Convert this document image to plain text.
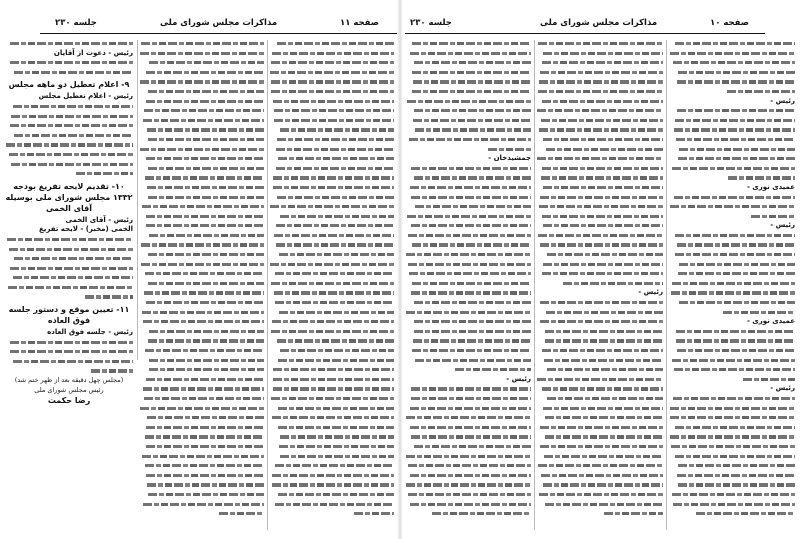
جلسه ۲۳۰	مذاکرات مجلس شورای ملی	صفحه ۱۱
رئیس - دعوت از آقایان
۹- اعلام تعطیل دو ماهه مجلس
رئیس - اعلام تعطیل مجلس
۱۰- تقدیم لایحه تفریغ بودجه ۱۳۳۲ مجلس شورای ملی بوسیله آقای الخمی
رئیس - آقای الخمی
الخمی (مخبر) - لایحه تفریغ
۱۱- تعیین موقع و دستور جلسه فوق العاده
رئیس - جلسه فوق العاده
(مجلس چهل دقیقه بعد از ظهر ختم شد)
رئیس مجلس شورای ملی
رضا حکمت
جلسه ۲۳۰	مذاکرات مجلس شورای ملی	صفحه ۱۰
جمشیدخان -
رئیس -
رئیس -
رئیس -
عمیدی نوری -
رئیس -
عمیدی نوری -
رئیس -
